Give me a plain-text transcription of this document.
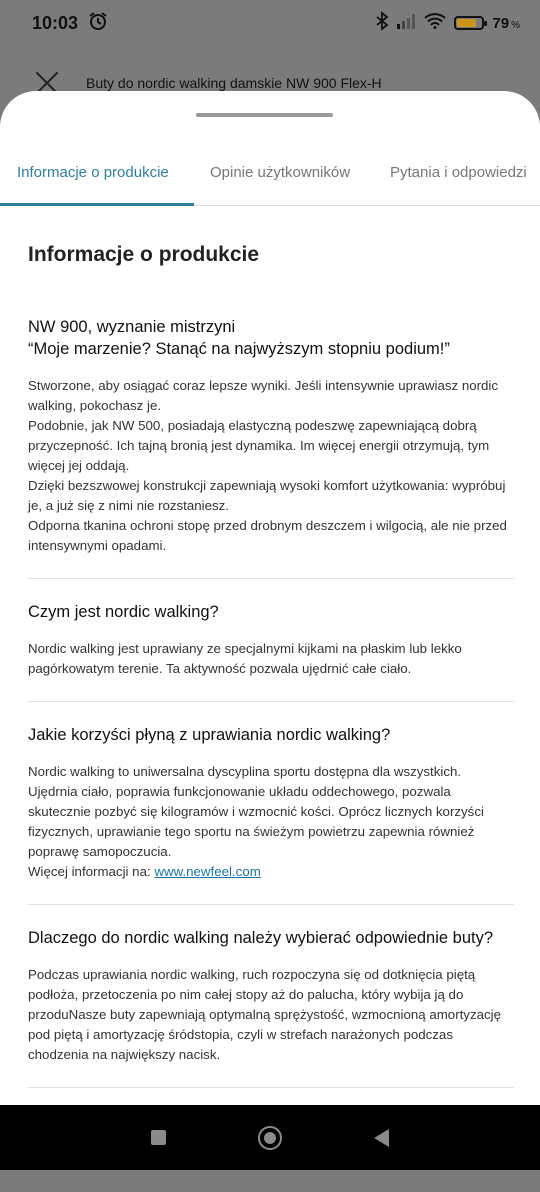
10:03	79 %
Buty do nordic walking damskie NW 900 Flex-H
Informacje o produkcie	Opinie użytkowników	Pytania i odpowiedzi
Informacje o produkcie
NW 900, wyznanie mistrzyni
“Moje marzenie? Stanąć na najwyższym stopniu podium!”

Stworzone, aby osiągać coraz lepsze wyniki. Jeśli intensywnie uprawiasz nordic walking, pokochasz je.

Podobnie, jak NW 500, posiadają elastyczną podeszwę zapewniającą dobrą przyczepność. Ich tajną bronią jest dynamika. Im więcej energii otrzymują, tym więcej jej oddają.

Dzięki bezszwowej konstrukcji zapewniają wysoki komfort użytkowania: wypróbuj je, a już się z nimi nie rozstaniesz.

Odporna tkanina ochroni stopę przed drobnym deszczem i wilgocią, ale nie przed intensywnymi opadami.

Czym jest nordic walking?

Nordic walking jest uprawiany ze specjalnymi kijkami na płaskim lub lekko pagórkowatym terenie. Ta aktywność pozwala ujędrnić całe ciało.

Jakie korzyści płyną z uprawiania nordic walking?

Nordic walking to uniwersalna dyscyplina sportu dostępna dla wszystkich. Ujędrnia ciało, poprawia funkcjonowanie układu oddechowego, pozwala skutecznie pozbyć się kilogramów i wzmocnić kości. Oprócz licznych korzyści fizycznych, uprawianie tego sportu na świeżym powietrzu zapewnia również poprawę samopoczucia.

Więcej informacji na: www.newfeel.com

Dlaczego do nordic walking należy wybierać odpowiednie buty?

Podczas uprawiania nordic walking, ruch rozpoczyna się od dotknięcia piętą podłoża, przetoczenia po nim całej stopy aż do palucha, który wybija ją do przoduNasze buty zapewniają optymalną sprężystość, wzmocnioną amortyzację pod piętą i amortyzację śródstopia, czyli w strefach narażonych podczas chodzenia na największy nacisk.
